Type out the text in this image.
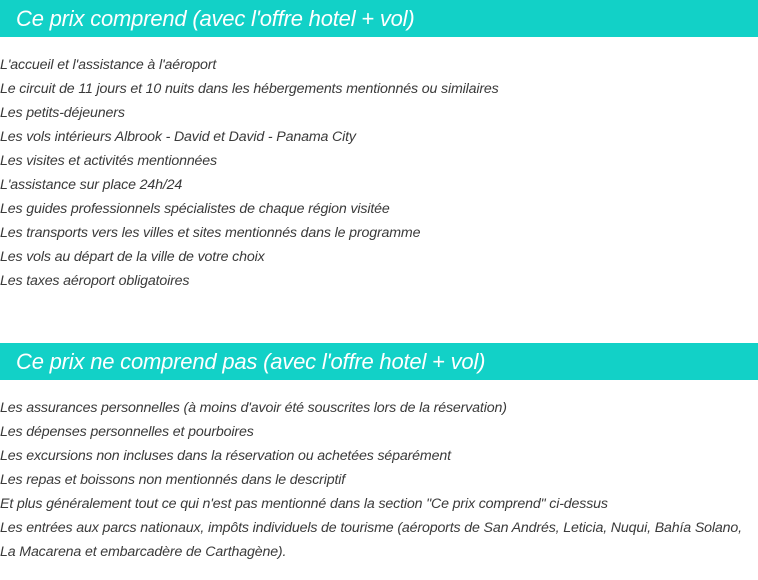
Ce prix comprend (avec l'offre hotel + vol)
L'accueil et l'assistance à l'aéroport
Le circuit de 11 jours et 10 nuits dans les hébergements mentionnés ou similaires
Les petits-déjeuners
Les vols intérieurs Albrook - David et David - Panama City
Les visites et activités mentionnées
L'assistance sur place 24h/24
Les guides professionnels spécialistes de chaque région visitée
Les transports vers les villes et sites mentionnés dans le programme
Les vols au départ de la ville de votre choix
Les taxes aéroport obligatoires
Ce prix ne comprend pas (avec l'offre hotel + vol)
Les assurances personnelles (à moins d'avoir été souscrites lors de la réservation)
Les dépenses personnelles et pourboires
Les excursions non incluses dans la réservation ou achetées séparément
Les repas et boissons non mentionnés dans le descriptif
Et plus généralement tout ce qui n'est pas mentionné dans la section "Ce prix comprend" ci-dessus
Les entrées aux parcs nationaux, impôts individuels de tourisme (aéroports de San Andrés, Leticia, Nuqui, Bahía Solano, La Macarena et embarcadère de Carthagène).
